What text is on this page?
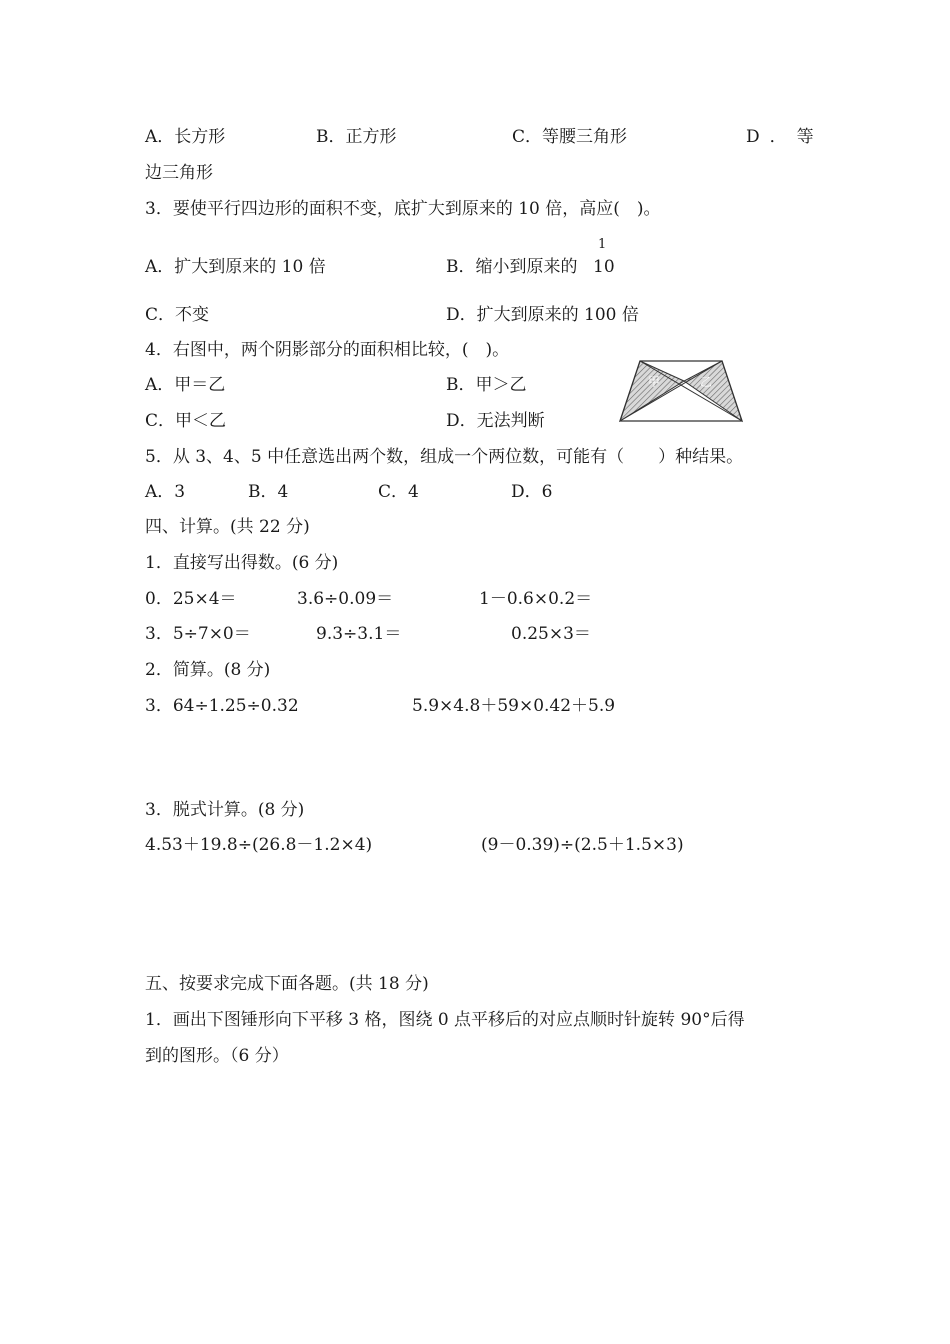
A．长方形	B．正方形	C．等腰三角形	D．等
边三角形
3．要使平行四边形的面积不变，底扩大到原来的 10 倍，高应(　)。
A．扩大到原来的 10 倍	B．缩小到原来的
1
10
C．不变	D．扩大到原来的 100 倍
4．右图中，两个阴影部分的面积相比较，(　)。
A．甲＝乙	B．甲＞乙
C．甲＜乙	D．无法判断
甲	乙
5．从 3、4、5 中任意选出两个数，组成一个两位数，可能有（　　）种结果。
A．3	B．4	C．4	D．6
四、计算。(共 22 分)
1．直接写出得数。(6 分)
0．25×4＝	3.6÷0.09＝	1－0.6×0.2＝
3．5÷7×0＝	9.3÷3.1＝	0.25×3＝
2．简算。(8 分)
3．64÷1.25÷0.32	5.9×4.8＋59×0.42＋5.9
3．脱式计算。(8 分)
4.53＋19.8÷(26.8－1.2×4)	(9－0.39)÷(2.5＋1.5×3)
五、按要求完成下面各题。(共 18 分)
1．画出下图锤形向下平移 3 格，图绕 0 点平移后的对应点顺时针旋转 90°后得
到的图形。（6 分）
